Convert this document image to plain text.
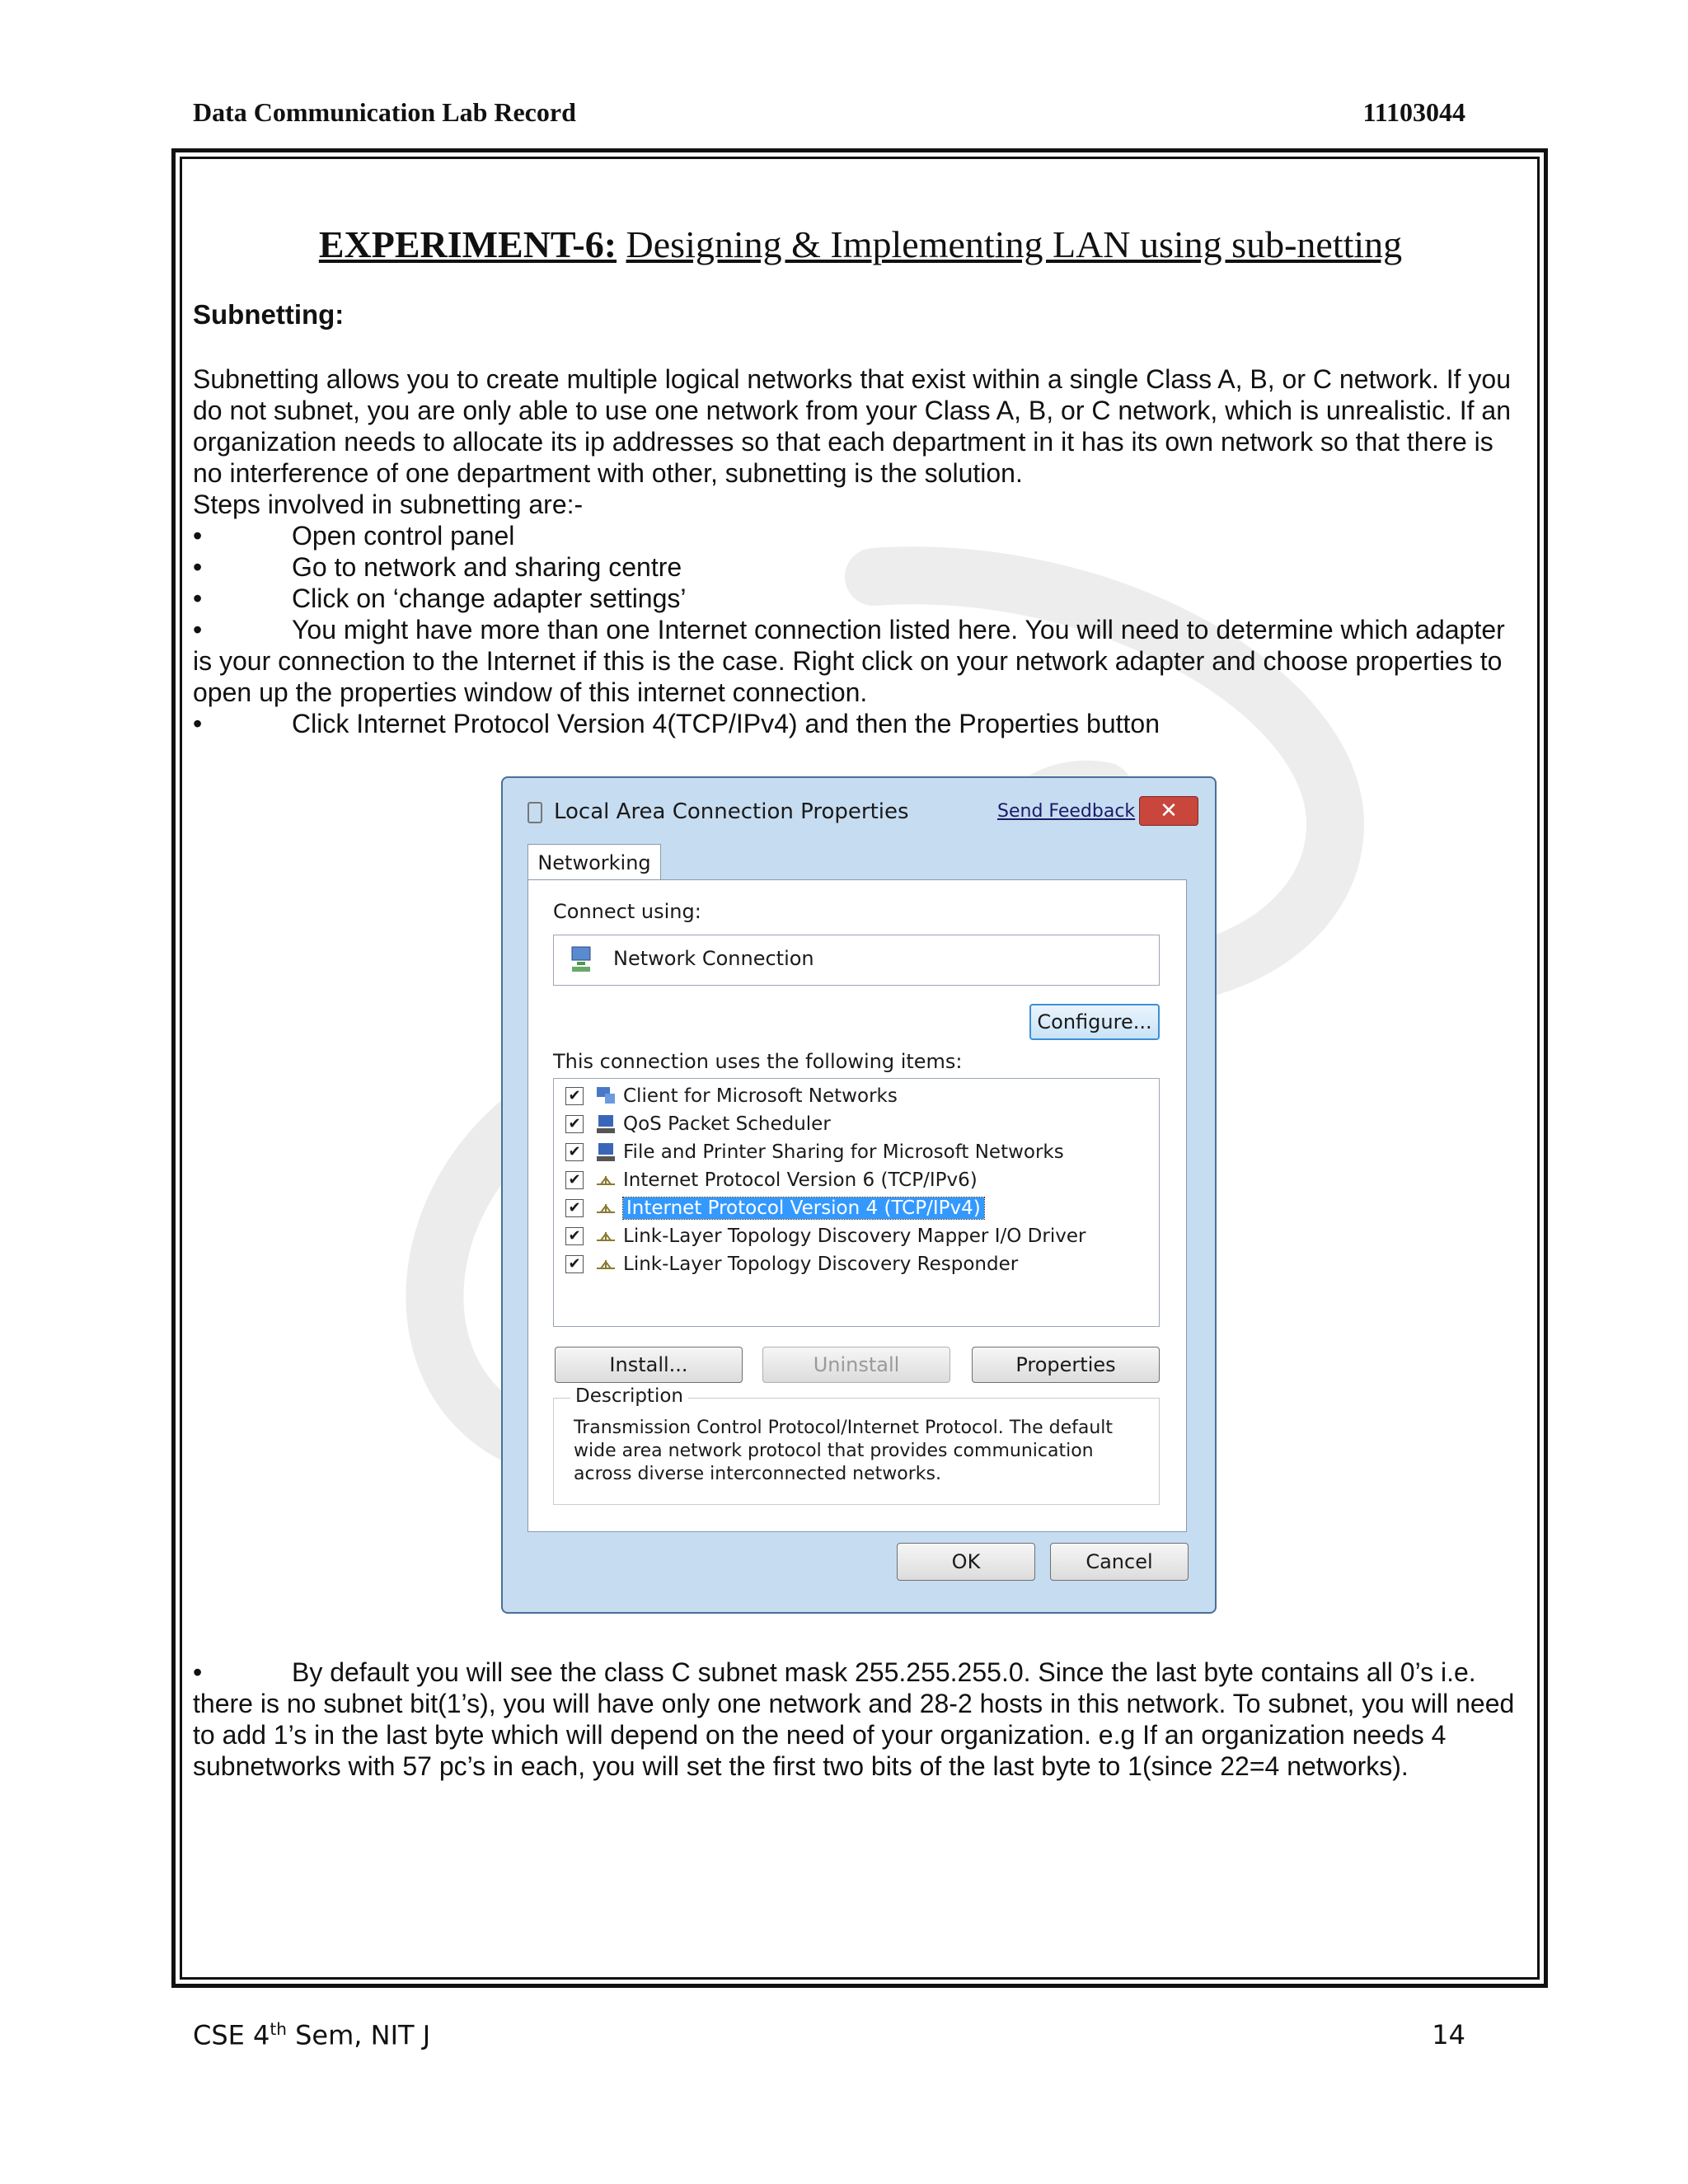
Data Communication Lab Record	11103044

EXPERIMENT-6: Designing & Implementing LAN using sub-netting

Subnetting:

Subnetting allows you to create multiple logical networks that exist within a single Class A, B, or C network. If you do not subnet, you are only able to use one network from your Class A, B, or C network, which is unrealistic. If an organization needs to allocate its ip addresses so that each department in it has its own network so that there is no interference of one department with other, subnetting is the solution.

Steps involved in subnetting are:-

•	Open control panel
•	Go to network and sharing centre
•	Click on ‘change adapter settings’
•	You might have more than one Internet connection listed here. You will need to determine which adapter is your connection to the Internet if this is the case. Right click on your network adapter and choose properties to open up the properties window of this internet connection.
•	Click Internet Protocol Version 4(TCP/IPv4) and then the Properties button
Local Area Connection Properties	Send Feedback	✕
Networking
Connect using:
Network Connection
Configure...
This connection uses the following items:
✔ Client for Microsoft Networks
✔ QoS Packet Scheduler
✔ File and Printer Sharing for Microsoft Networks
✔ Internet Protocol Version 6 (TCP/IPv6)
✔ Internet Protocol Version 4 (TCP/IPv4)
✔ Link-Layer Topology Discovery Mapper I/O Driver
✔ Link-Layer Topology Discovery Responder
Install...	Uninstall	Properties
Description
Transmission Control Protocol/Internet Protocol. The default wide area network protocol that provides communication across diverse interconnected networks.
OK	Cancel
•	By default you will see the class C subnet mask 255.255.255.0. Since the last byte contains all 0’s i.e. there is no subnet bit(1’s), you will have only one network and 28-2 hosts in this network. To subnet, you will need to add 1’s in the last byte which will depend on the need of your organization. e.g If an organization needs 4 subnetworks with 57 pc’s in each, you will set the first two bits of the last byte to 1(since 22=4 networks).
CSE 4th Sem, NIT J	14
